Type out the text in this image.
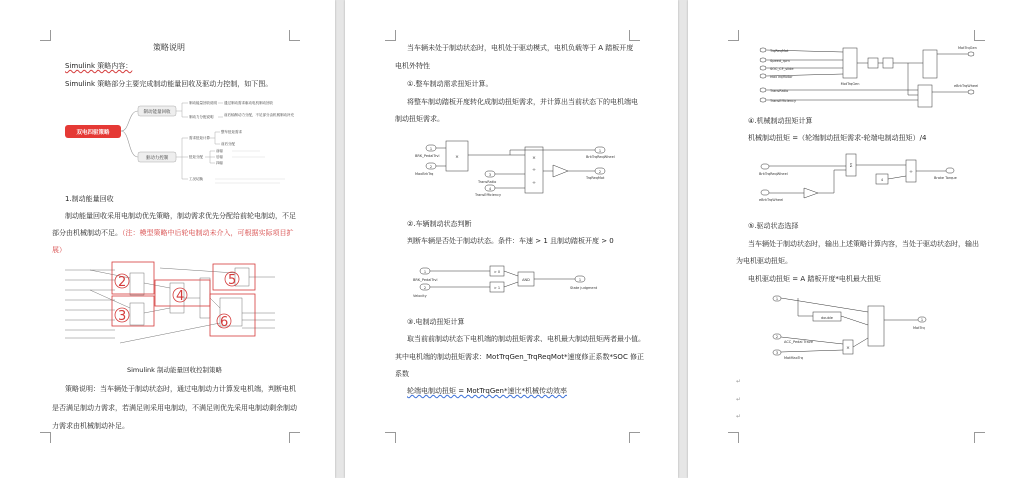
策略说明
Simulink 策略内容：
Simulink 策略部分主要完成制动能量回收及驱动力控制，如下图。
双电四驱策略
制动能量回收
驱动力控制
制动能量回收说明
制动力分配说明
通过制动需求驱动电机制动回收
前后轴制动力分配，不足部分由机械制动补充
需求扭矩计算
扭矩分配
工况切换
整车扭矩需求
前后分配
前驱
后驱
四驱
1.制动能量回收
制动能量回收采用电制动优先策略，制动需求优先分配给前轮电制动，不足
部分由机械制动不足。（注：模型策略中后轮电制动未介入，可根据实际项目扩
展）
2
3
4
5
6
Simulink 制动能量回收控制策略
策略说明：当车辆处于制动状态时，通过电制动力计算发电机端，判断电机
是否满足制动力需求，若满足则采用电制动，不满足则优先采用电制动剩余制动
力需求由机械制动补足。
当车辆未处于制动状态时，电机处于驱动模式，电机负载等于 A 踏板开度
电机外特性
①.整车制动需求扭矩计算。
将整车制动踏板开度转化成制动扭矩需求，并计算出当前状态下的电机端电
制动扭矩需求。
×	×
÷
÷
1
2
3
4
1
2
BRK_PedalTrvl
MaxBrkTrq
TransRatio
TransEfficiency
BrkTrqReqWheel
TrqReqMot
②.车辆制动状态判断
判断车辆是否处于制动状态。条件：车速 > 1 且制动踏板开度 > 0
1
2
1
> 0
> 1
AND
BRK_PedalTrvl
Velocity
State judgment
③.电制动扭矩计算
取当前前制动状态下电机端的制动扭矩需求、电机最大制动扭矩两者最小值。
其中电机端的制动扭矩需求：MotTrqGen_TrqReqMot*速度修正系数*SOC 修正
系数
轮端电制动扭矩 = MotTrqGen*速比*机械传动效率
TrqReqMot
Speed_rpm
SOC_CF_slide
MaxTrqMotor
TransRatio
TransEfficiency
MotTrqGen
eBrkTrqWheel
MotTrqGen
④.机械制动扭矩计算
机械制动扭矩 =（轮端制动扭矩需求-轮端电制动扭矩）/4
Σ
4
÷
BrkTrqReqWheel
eBrkTrqWheel
Brake Torque
⑤.驱动状态选择
当车辆处于制动状态时，输出上述策略计算内容，当处于驱动状态时，输出
为电机驱动扭矩。
电机驱动扭矩 = A 踏板开度*电机最大扭矩
1
2
3
1
double
×
ACC_Pedal Trave
MotMaxTrq
MotTrq
↵
↵
↵
